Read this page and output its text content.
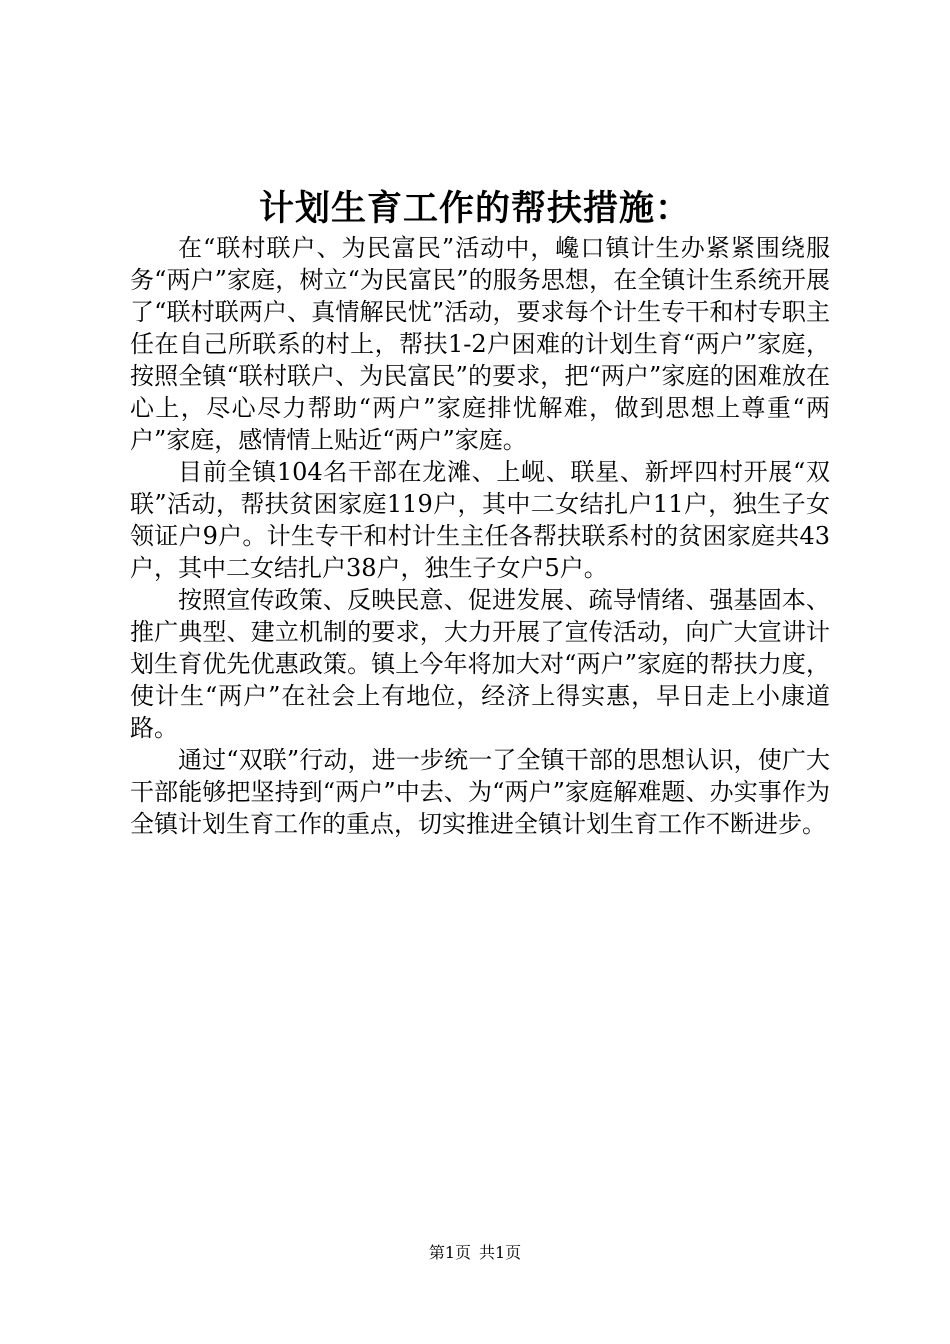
计划生育工作的帮扶措施：

在“联村联户、为民富民”活动中，巉口镇计生办紧紧围绕服务“两户”家庭，树立“为民富民”的服务思想，在全镇计生系统开展了“联村联两户、真情解民忧”活动，要求每个计生专干和村专职主任在自己所联系的村上，帮扶1-2户困难的计划生育“两户”家庭，按照全镇“联村联户、为民富民”的要求，把“两户”家庭的困难放在心上，尽心尽力帮助“两户”家庭排忧解难，做到思想上尊重“两户”家庭，感情情上贴近“两户”家庭。

目前全镇104名干部在龙滩、上岘、联星、新坪四村开展“双联”活动，帮扶贫困家庭119户，其中二女结扎户11户，独生子女领证户9户。计生专干和村计生主任各帮扶联系村的贫困家庭共43户，其中二女结扎户38户，独生子女户5户。

按照宣传政策、反映民意、促进发展、疏导情绪、强基固本、推广典型、建立机制的要求，大力开展了宣传活动，向广大宣讲计划生育优先优惠政策。镇上今年将加大对“两户”家庭的帮扶力度，使计生“两户”在社会上有地位，经济上得实惠，早日走上小康道路。

通过“双联”行动，进一步统一了全镇干部的思想认识，使广大干部能够把坚持到“两户”中去、为“两户”家庭解难题、办实事作为全镇计划生育工作的重点，切实推进全镇计划生育工作不断进步。

第1页 共1页
